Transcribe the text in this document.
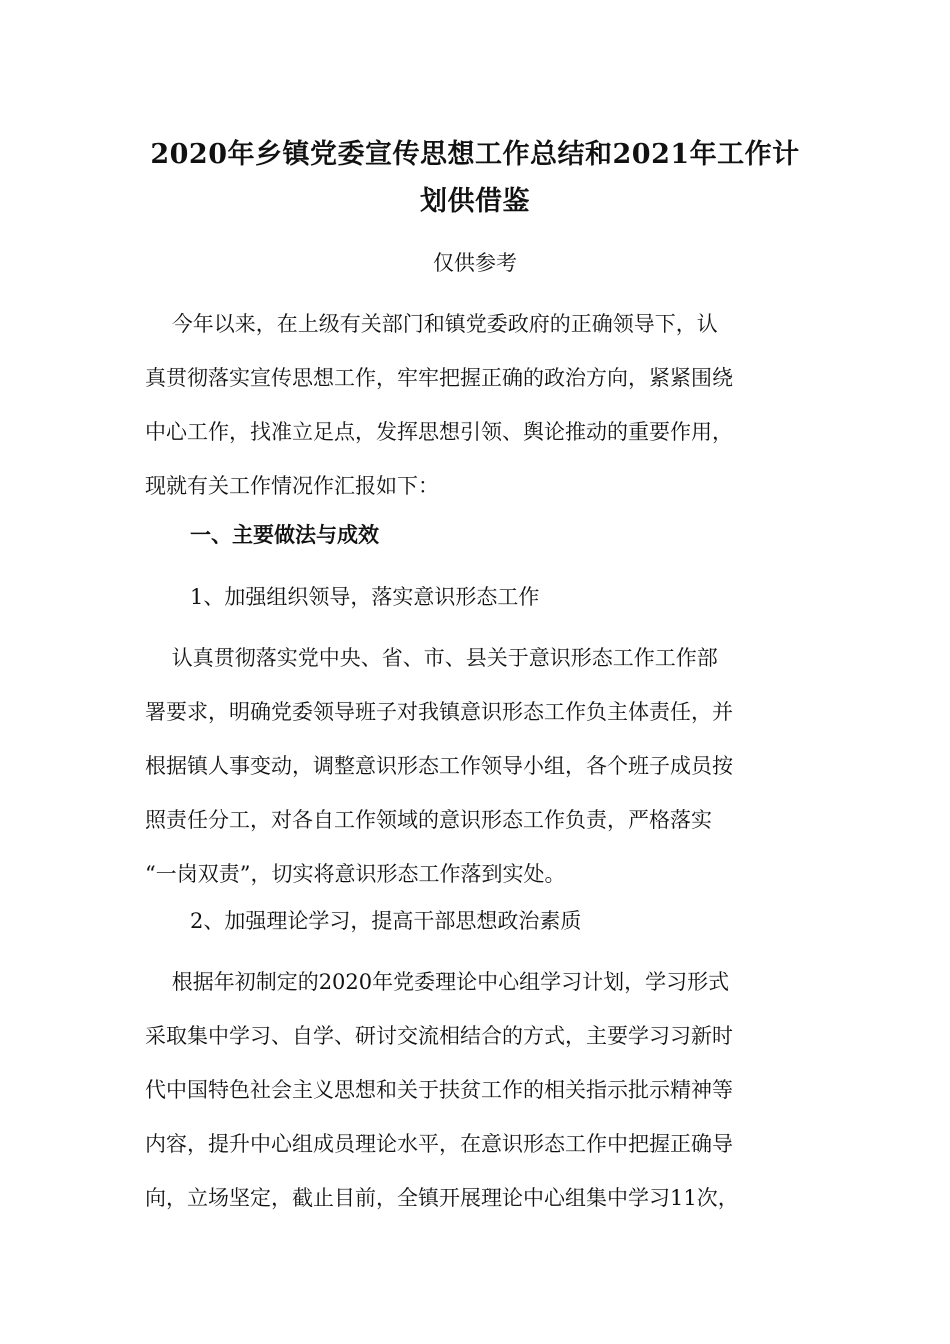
2020年乡镇党委宣传思想工作总结和2021年工作计
划供借鉴
仅供参考
今年以来，在上级有关部门和镇党委政府的正确领导下，认
真贯彻落实宣传思想工作，牢牢把握正确的政治方向，紧紧围绕
中心工作，找准立足点，发挥思想引领、舆论推动的重要作用，
现就有关工作情况作汇报如下：
一、主要做法与成效
1、加强组织领导，落实意识形态工作
认真贯彻落实党中央、省、市、县关于意识形态工作工作部
署要求，明确党委领导班子对我镇意识形态工作负主体责任，并
根据镇人事变动，调整意识形态工作领导小组，各个班子成员按
照责任分工，对各自工作领域的意识形态工作负责，严格落实
“一岗双责”，切实将意识形态工作落到实处。
2、加强理论学习，提高干部思想政治素质
根据年初制定的2020年党委理论中心组学习计划，学习形式
采取集中学习、自学、研讨交流相结合的方式，主要学习习新时
代中国特色社会主义思想和关于扶贫工作的相关指示批示精神等
内容，提升中心组成员理论水平，在意识形态工作中把握正确导
向，立场坚定，截止目前，全镇开展理论中心组集中学习11次，
